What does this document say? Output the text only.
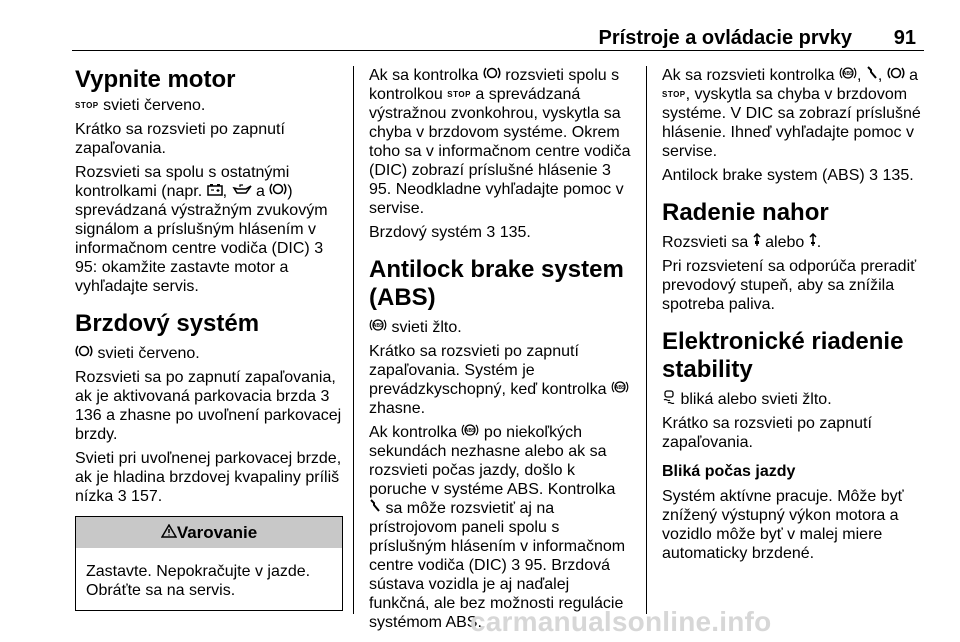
Prístroje a ovládacie prvky 91
Vypnite motor

STOP svieti červeno.

Krátko sa rozsvieti po zapnutí zapaľovania.

Rozsvieti sa spolu s ostatnými kontrolkami (napr. ,  a ) sprevádzaná výstražným zvukovým signálom a príslušným hlásením v informačnom centre vodiča (DIC) 3 95: okamžite zastavte motor a vyhľadajte servis.

Brzdový systém

svieti červeno.

Rozsvieti sa po zapnutí zapaľovania, ak je aktivovaná parkovacia brzda 3 136 a zhasne po uvoľnení parkovacej brzdy.

Svieti pri uvoľnenej parkovacej brzde, ak je hladina brzdovej kvapaliny príliš nízka 3 157.

Varovanie
Zastavte. Nepokračujte v jazde. Obráťte sa na servis.

Ak sa kontrolka  rozsvieti spolu s kontrolkou STOP a sprevádzaná výstražnou zvonkohrou, vyskytla sa chyba v brzdovom systéme. Okrem toho sa v informačnom centre vodiča (DIC) zobrazí príslušné hlásenie 3 95. Neodkladne vyhľadajte pomoc v servise.

Brzdový systém 3 135.

Antilock brake system (ABS)

ABS svieti žlto.

Krátko sa rozsvieti po zapnutí zapaľovania. Systém je prevádzkyschopný, keď kontrolka ABS
zhasne.

Ak kontrolka ABS po niekoľkých sekundách nezhasne alebo ak sa rozsvieti počas jazdy, došlo k poruche v systéme ABS. Kontrolka  sa môže rozsvietiť aj na prístrojovom paneli spolu s príslušným hlásením v informačnom centre vodiča (DIC) 3 95. Brzdová sústava vozidla je aj naďalej funkčná, ale bez možnosti regulácie systémom ABS.

Ak sa rozsvieti kontrolka ABS , ,  a STOP, vyskytla sa chyba v brzdovom systéme. V DIC sa zobrazí príslušné hlásenie. Ihneď vyhľadajte pomoc v servise.

Antilock brake system (ABS) 3 135.

Radenie nahor

Rozsvieti sa  alebo .

Pri rozsvietení sa odporúča preradiť prevodový stupeň, aby sa znížila spotreba paliva.

Elektronické riadenie stability

bliká alebo svieti žlto.

Krátko sa rozsvieti po zapnutí zapaľovania.

Bliká počas jazdy

Systém aktívne pracuje. Môže byť znížený výstupný výkon motora a vozidlo môže byť v malej miere automaticky brzdené.

carmanualsonline.info
